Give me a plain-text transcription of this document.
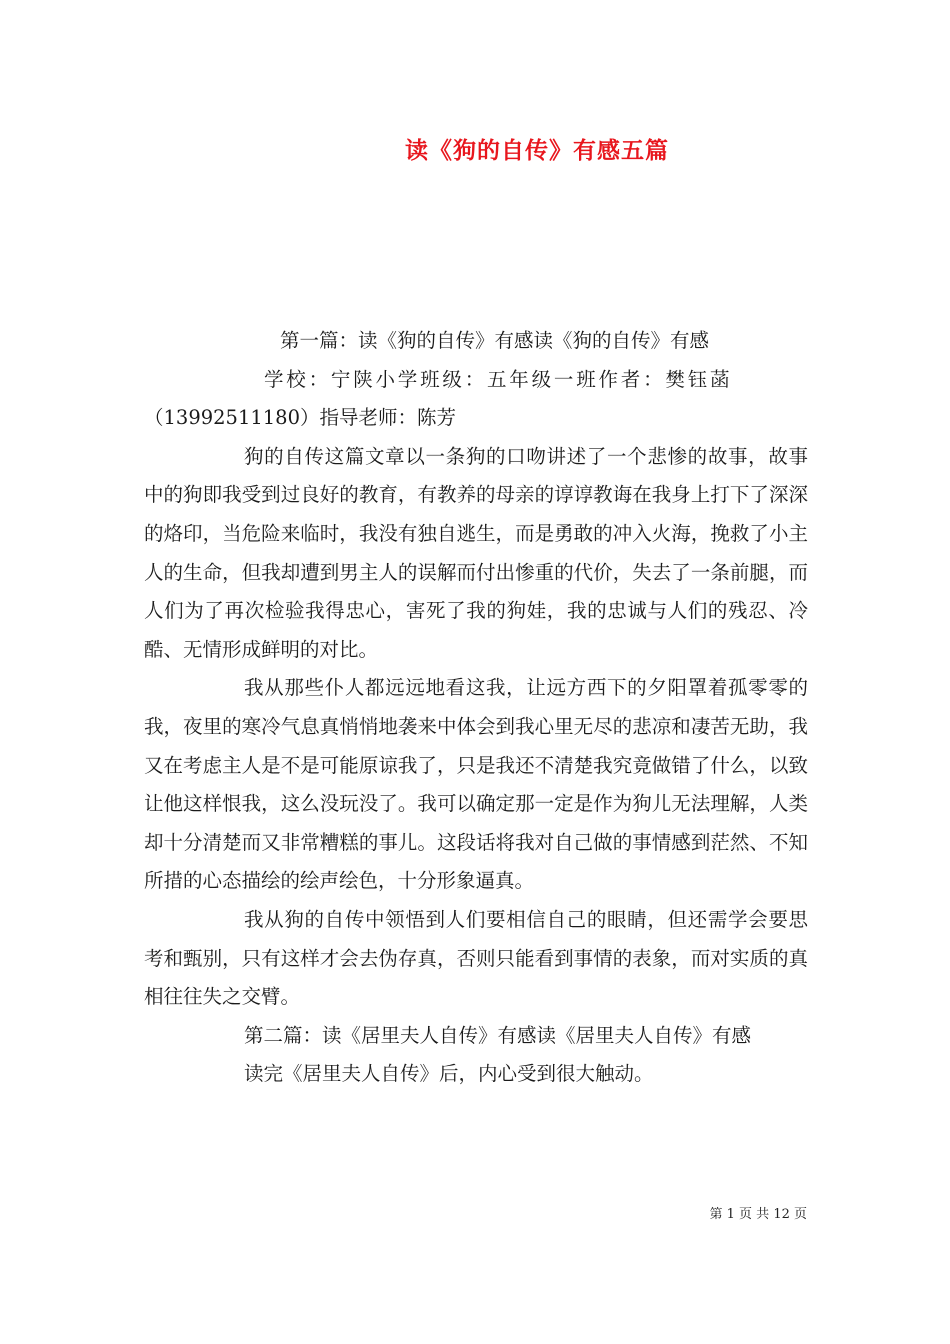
读《狗的自传》有感五篇

第一篇：读《狗的自传》有感读《狗的自传》有感

学校：宁陕小学班级：五年级一班作者：樊钰菡

（13992511180）指导老师：陈芳

狗的自传这篇文章以一条狗的口吻讲述了一个悲惨的故事，故事中的狗即我受到过良好的教育，有教养的母亲的谆谆教诲在我身上打下了深深的烙印，当危险来临时，我没有独自逃生，而是勇敢的冲入火海，挽救了小主人的生命，但我却遭到男主人的误解而付出惨重的代价，失去了一条前腿，而人们为了再次检验我得忠心，害死了我的狗娃，我的忠诚与人们的残忍、冷酷、无情形成鲜明的对比。

我从那些仆人都远远地看这我，让远方西下的夕阳罩着孤零零的我，夜里的寒冷气息真悄悄地袭来中体会到我心里无尽的悲凉和凄苦无助，我又在考虑主人是不是可能原谅我了，只是我还不清楚我究竟做错了什么，以致让他这样恨我，这么没玩没了。我可以确定那一定是作为狗儿无法理解，人类却十分清楚而又非常糟糕的事儿。这段话将我对自己做的事情感到茫然、不知所措的心态描绘的绘声绘色，十分形象逼真。

我从狗的自传中领悟到人们要相信自己的眼睛，但还需学会要思考和甄别，只有这样才会去伪存真，否则只能看到事情的表象，而对实质的真相往往失之交臂。

第二篇：读《居里夫人自传》有感读《居里夫人自传》有感

读完《居里夫人自传》后，内心受到很大触动。

第 1 页 共 12 页
